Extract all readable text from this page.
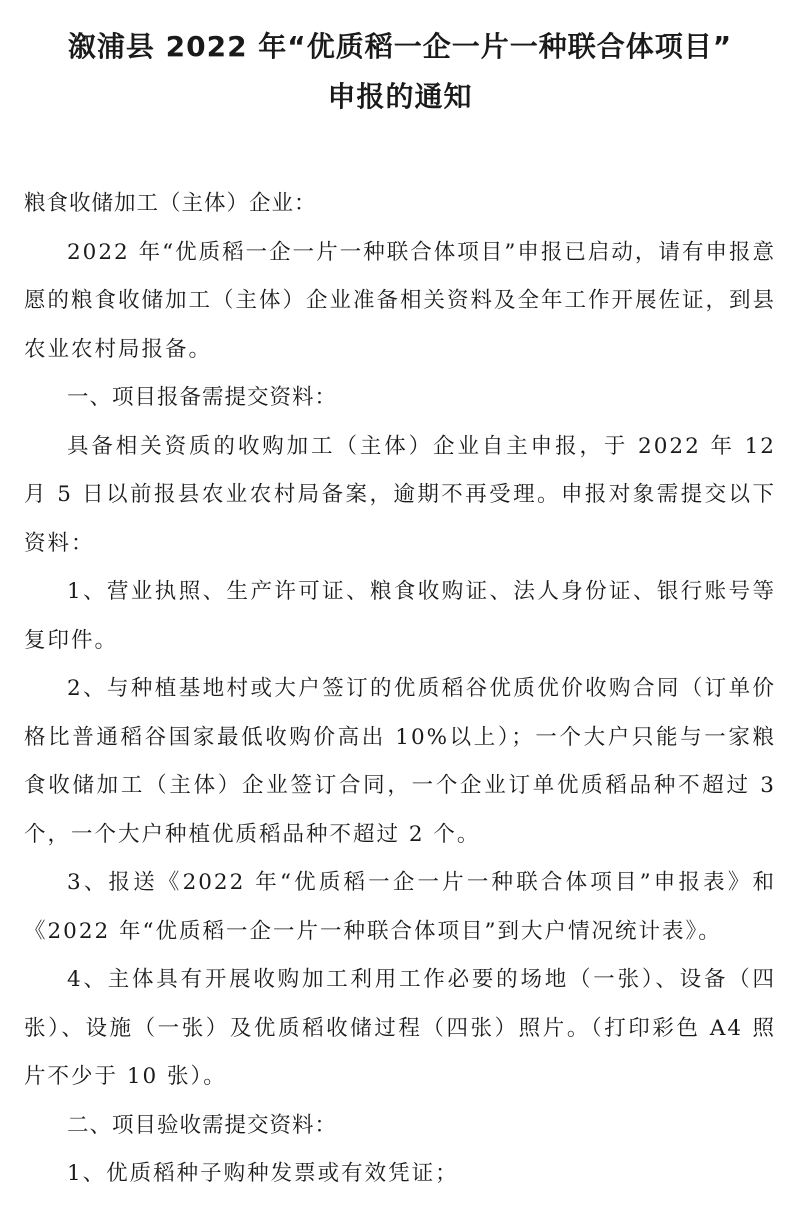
溆浦县 2022 年“优质稻一企一片一种联合体项目”
申报的通知

粮食收储加工（主体）企业：

2022 年“优质稻一企一片一种联合体项目”申报已启动，请有申报意愿的粮食收储加工（主体）企业准备相关资料及全年工作开展佐证，到县农业农村局报备。

一、项目报备需提交资料：

具备相关资质的收购加工（主体）企业自主申报，于 2022 年 12 月 5 日以前报县农业农村局备案，逾期不再受理。申报对象需提交以下资料：

1、营业执照、生产许可证、粮食收购证、法人身份证、银行账号等复印件。

2、与种植基地村或大户签订的优质稻谷优质优价收购合同（订单价格比普通稻谷国家最低收购价高出 10%以上）；一个大户只能与一家粮食收储加工（主体）企业签订合同，一个企业订单优质稻品种不超过 3 个，一个大户种植优质稻品种不超过 2 个。

3、报送《2022 年“优质稻一企一片一种联合体项目”申报表》和《2022 年“优质稻一企一片一种联合体项目”到大户情况统计表》。

4、主体具有开展收购加工利用工作必要的场地（一张）、设备（四张）、设施（一张）及优质稻收储过程（四张）照片。（打印彩色 A4 照片不少于 10 张）。

二、项目验收需提交资料：

1、优质稻种子购种发票或有效凭证；
